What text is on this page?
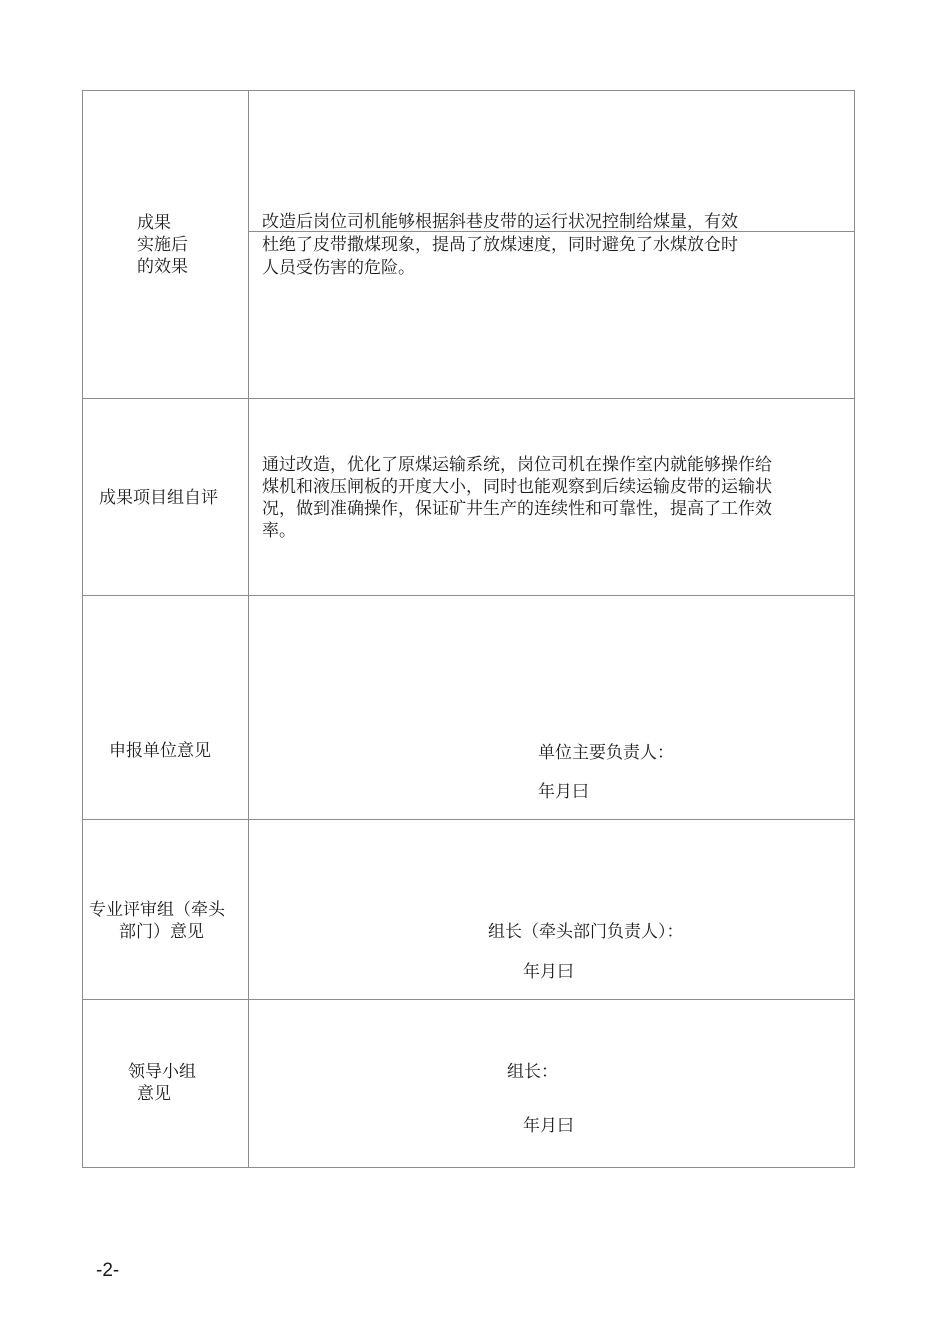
成果
实施后
的效果
改造后岗位司机能够根据斜巷皮带的运行状况控制给煤量，有效
杜绝了皮带撒煤现象，提咼了放煤速度，同时避免了水煤放仓时
人员受伤害的危险。
成果项目组自评
通过改造，优化了原煤运输系统，岗位司机在操作室内就能够操作给
煤机和液压闸板的开度大小，同时也能观察到后续运输皮带的运输状
况，做到准确操作，保证矿井生产的连续性和可靠性，提高了工作效
率。
申报单位意见	单位主要负责人：
年月曰
专业评审组（牵头
部门）意见	组长（牵头部门负责人）：
年月曰
领导小组
意见
组长：
年月曰
-2-
